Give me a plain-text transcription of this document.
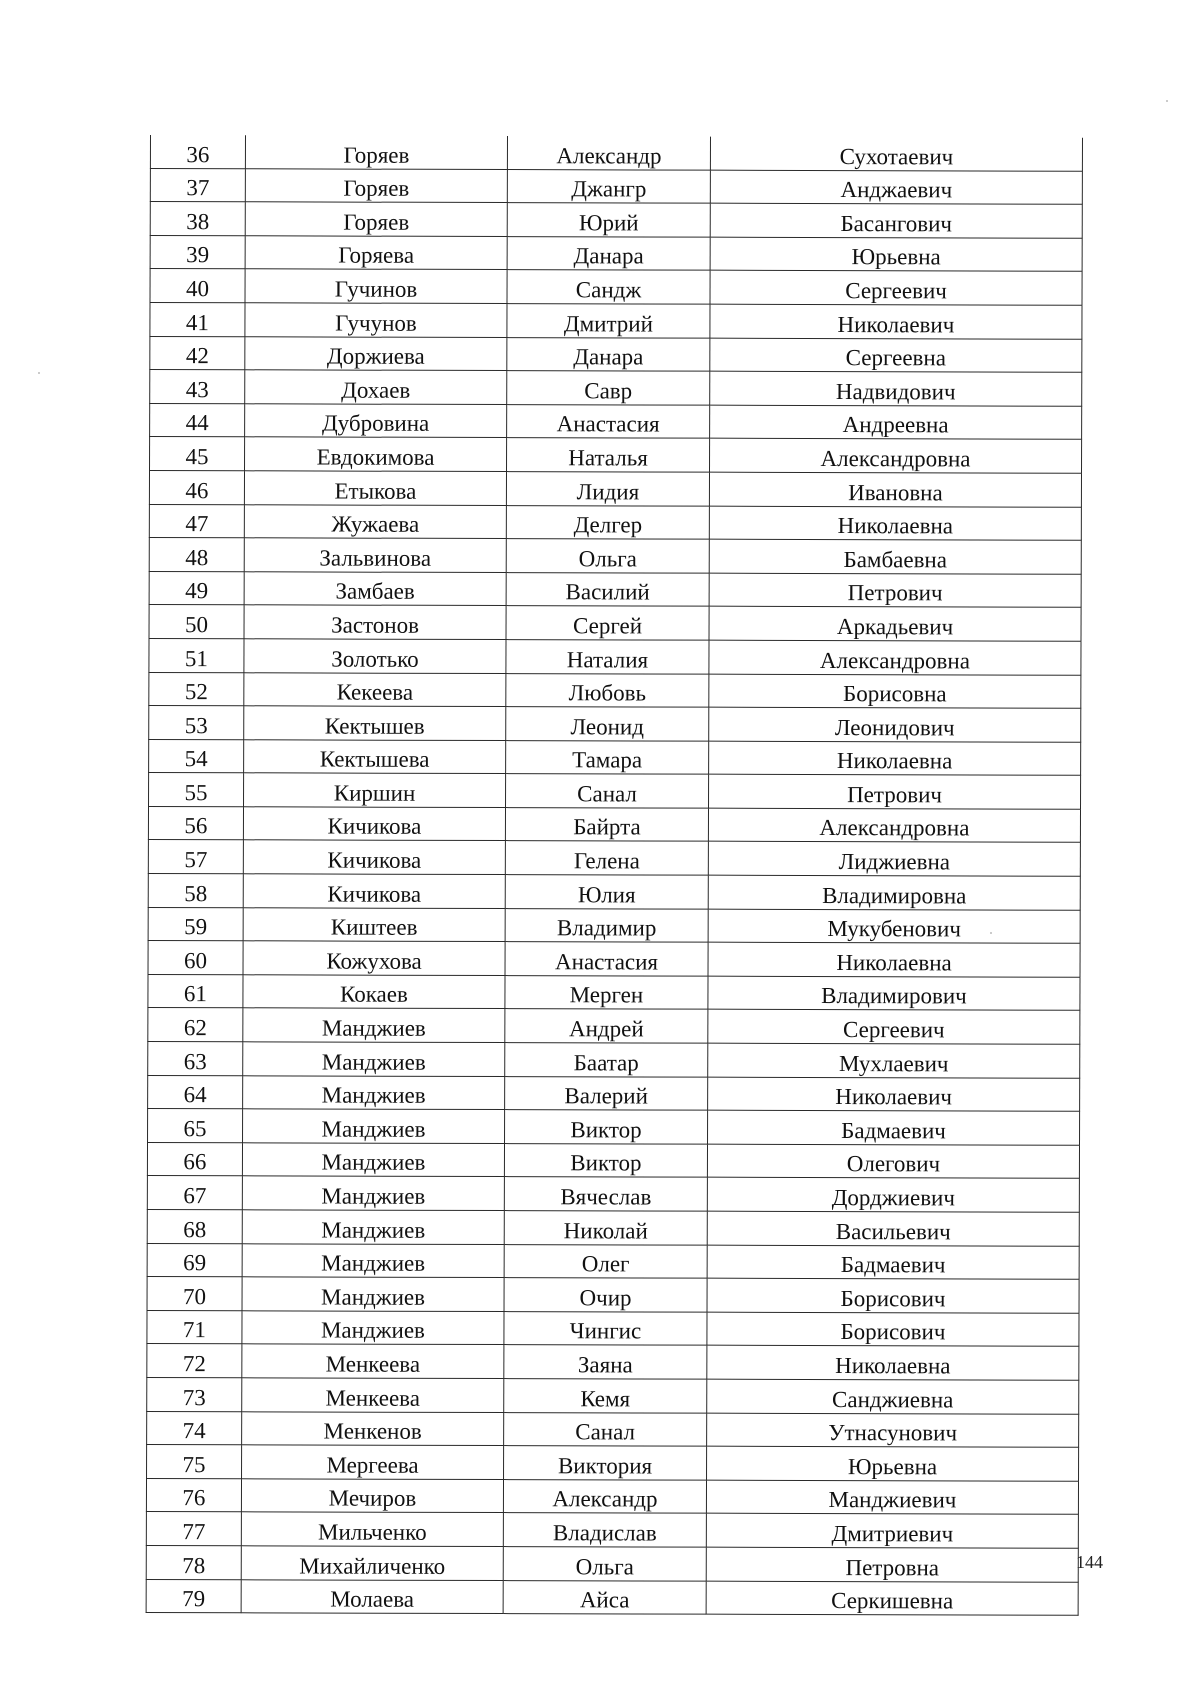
36	Горяев	Александр	Сухотаевич
37	Горяев	Джангр	Анджаевич
38	Горяев	Юрий	Басангович
39	Горяева	Данара	Юрьевна
40	Гучинов	Сандж	Сергеевич
41	Гучунов	Дмитрий	Николаевич
42	Доржиева	Данара	Сергеевна
43	Дохаев	Савр	Надвидович
44	Дубровина	Анастасия	Андреевна
45	Евдокимова	Наталья	Александровна
46	Етыкова	Лидия	Ивановна
47	Жужаева	Делгер	Николаевна
48	Зальвинова	Ольга	Бамбаевна
49	Замбаев	Василий	Петрович
50	Застонов	Сергей	Аркадьевич
51	Золотько	Наталия	Александровна
52	Кекеева	Любовь	Борисовна
53	Кектышев	Леонид	Леонидович
54	Кектышева	Тамара	Николаевна
55	Киршин	Санал	Петрович
56	Кичикова	Байрта	Александровна
57	Кичикова	Гелена	Лиджиевна
58	Кичикова	Юлия	Владимировна
59	Киштеев	Владимир	Мукубенович
60	Кожухова	Анастасия	Николаевна
61	Кокаев	Мерген	Владимирович
62	Манджиев	Андрей	Сергеевич
63	Манджиев	Баатар	Мухлаевич
64	Манджиев	Валерий	Николаевич
65	Манджиев	Виктор	Бадмаевич
66	Манджиев	Виктор	Олегович
67	Манджиев	Вячеслав	Дорджиевич
68	Манджиев	Николай	Васильевич
69	Манджиев	Олег	Бадмаевич
70	Манджиев	Очир	Борисович
71	Манджиев	Чингис	Борисович
72	Менкеева	Заяна	Николаевна
73	Менкеева	Кемя	Санджиевна
74	Менкенов	Санал	Утнасунович
75	Мергеева	Виктория	Юрьевна
76	Мечиров	Александр	Манджиевич
77	Мильченко	Владислав	Дмитриевич
78	Михайличенко	Ольга	Петровна
79	Молаева	Айса	Серкишевна
144
